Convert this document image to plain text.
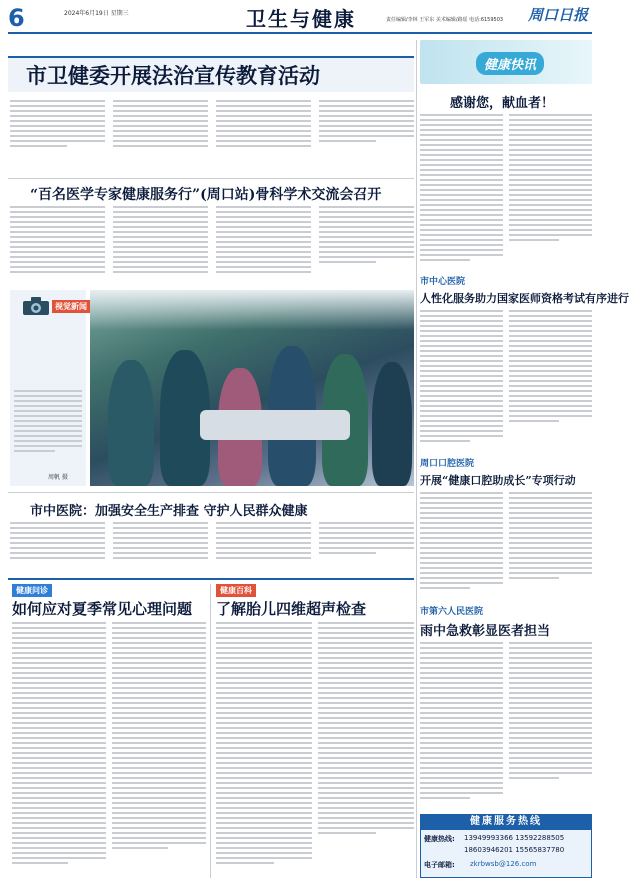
6	2024年6月19日 星期三	卫生与健康	责任编辑/李林 王军东 美术编辑/路瑶 电话:6159503 周口日报
市卫健委开展法治宣传教育活动	健康快讯
感谢您，献血者！
“百名医学专家健康服务行”(周口站)骨科学术交流会召开
视觉新闻
周帆 摄
市中心医院
人性化服务助力国家医师资格考试有序进行
市中医院：加强安全生产排查 守护人民群众健康
周口口腔医院
开展“健康口腔助成长”专项行动
健康问诊
如何应对夏季常见心理问题
健康百科
了解胎儿四维超声检查	市第六人民医院
雨中急救彰显医者担当
健康服务热线
健康热线: 13949993366 13592288505
18603946201 15565837780
电子邮箱: zkrbwsb@126.com
